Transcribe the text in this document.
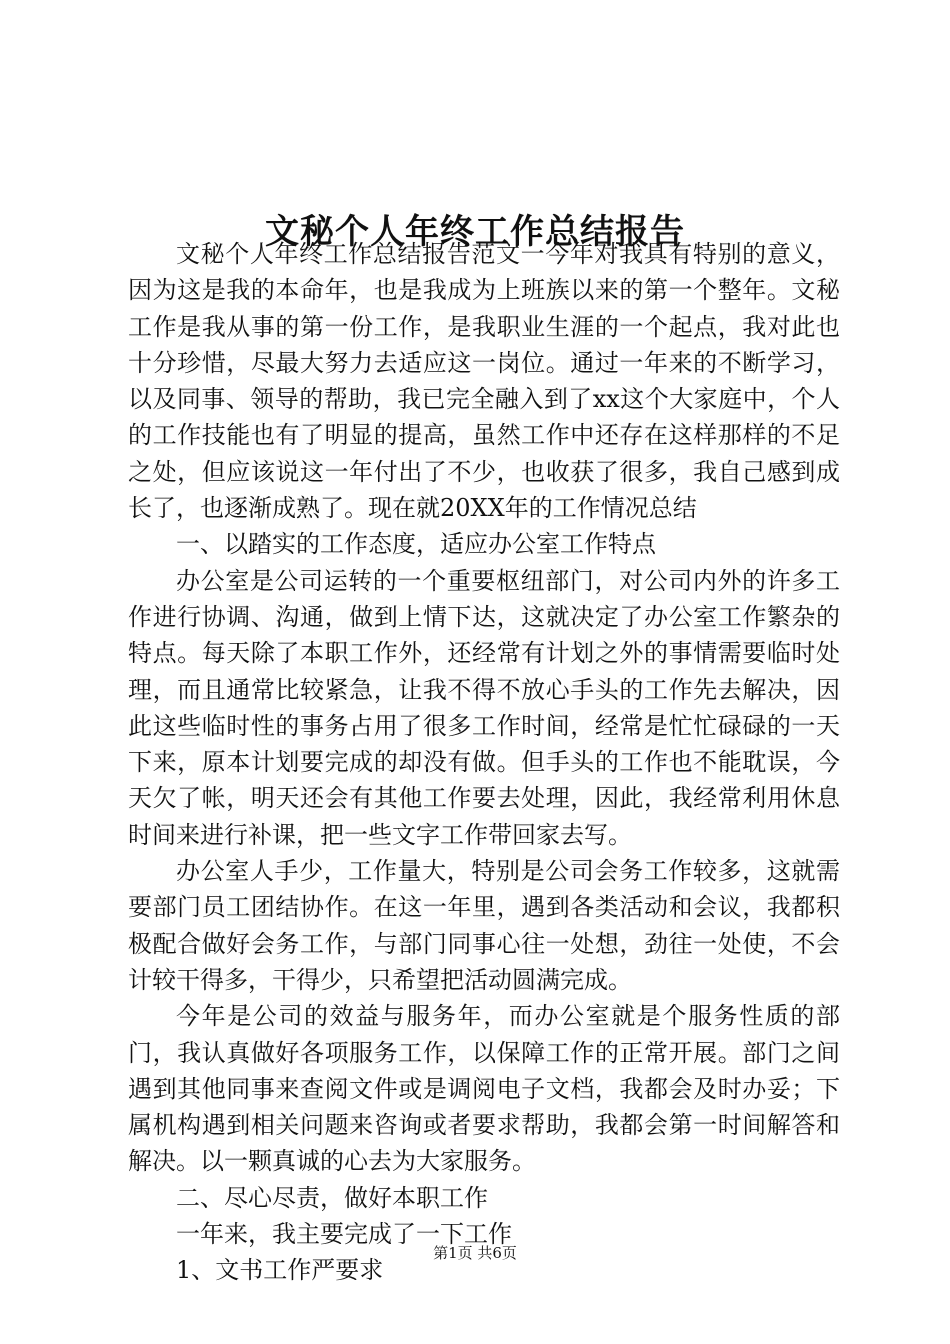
文秘个人年终工作总结报告

文秘个人年终工作总结报告范文一今年对我具有特别的意义，因为这是我的本命年，也是我成为上班族以来的第一个整年。文秘工作是我从事的第一份工作，是我职业生涯的一个起点，我对此也十分珍惜，尽最大努力去适应这一岗位。通过一年来的不断学习，以及同事、领导的帮助，我已完全融入到了xx这个大家庭中，个人的工作技能也有了明显的提高，虽然工作中还存在这样那样的不足之处，但应该说这一年付出了不少，也收获了很多，我自己感到成长了，也逐渐成熟了。现在就20XX年的工作情况总结

一、以踏实的工作态度，适应办公室工作特点

办公室是公司运转的一个重要枢纽部门，对公司内外的许多工作进行协调、沟通，做到上情下达，这就决定了办公室工作繁杂的特点。每天除了本职工作外，还经常有计划之外的事情需要临时处理，而且通常比较紧急，让我不得不放心手头的工作先去解决，因此这些临时性的事务占用了很多工作时间，经常是忙忙碌碌的一天下来，原本计划要完成的却没有做。但手头的工作也不能耽误，今天欠了帐，明天还会有其他工作要去处理，因此，我经常利用休息时间来进行补课，把一些文字工作带回家去写。

办公室人手少，工作量大，特别是公司会务工作较多，这就需要部门员工团结协作。在这一年里，遇到各类活动和会议，我都积极配合做好会务工作，与部门同事心往一处想，劲往一处使，不会计较干得多，干得少，只希望把活动圆满完成。

今年是公司的效益与服务年，而办公室就是个服务性质的部门，我认真做好各项服务工作，以保障工作的正常开展。部门之间遇到其他同事来查阅文件或是调阅电子文档，我都会及时办妥；下属机构遇到相关问题来咨询或者要求帮助，我都会第一时间解答和解决。以一颗真诚的心去为大家服务。

二、尽心尽责，做好本职工作

一年来，我主要完成了一下工作

1、文书工作严要求

第1页 共6页
